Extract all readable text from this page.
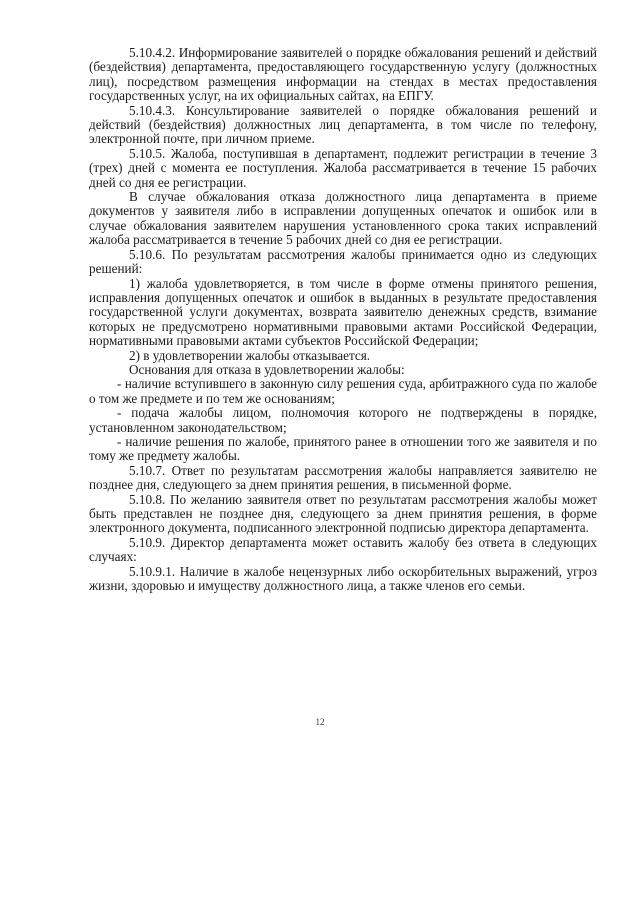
5.10.4.2. Информирование заявителей о порядке обжалования решений и действий (бездействия) департамента, предоставляющего государственную услугу (должностных лиц), посредством размещения информации на стендах в местах предоставления государственных услуг, на их официальных сайтах, на ЕПГУ.

5.10.4.3. Консультирование заявителей о порядке обжалования решений и действий (бездействия) должностных лиц департамента, в том числе по телефону, электронной почте, при личном приеме.

5.10.5. Жалоба, поступившая в департамент, подлежит регистрации в течение 3 (трех) дней с момента ее поступления. Жалоба рассматривается в течение 15 рабочих дней со дня ее регистрации.

В случае обжалования отказа должностного лица департамента в приеме документов у заявителя либо в исправлении допущенных опечаток и ошибок или в случае обжалования заявителем нарушения установленного срока таких исправлений жалоба рассматривается в течение 5 рабочих дней со дня ее регистрации.

5.10.6. По результатам рассмотрения жалобы принимается одно из следующих решений:

1) жалоба удовлетворяется, в том числе в форме отмены принятого решения, исправления допущенных опечаток и ошибок в выданных в результате предоставления государственной услуги документах, возврата заявителю денежных средств, взимание которых не предусмотрено нормативными правовыми актами Российской Федерации, нормативными правовыми актами субъектов Российской Федерации;

2) в удовлетворении жалобы отказывается.

Основания для отказа в удовлетворении жалобы:

- наличие вступившего в законную силу решения суда, арбитражного суда по жалобе о том же предмете и по тем же основаниям;

- подача жалобы лицом, полномочия которого не подтверждены в порядке, установленном законодательством;

- наличие решения по жалобе, принятого ранее в отношении того же заявителя и по тому же предмету жалобы.

5.10.7. Ответ по результатам рассмотрения жалобы направляется заявителю не позднее дня, следующего за днем принятия решения, в письменной форме.

5.10.8. По желанию заявителя ответ по результатам рассмотрения жалобы может быть представлен не позднее дня, следующего за днем принятия решения, в форме электронного документа, подписанного электронной подписью директора департамента.

5.10.9. Директор департамента может оставить жалобу без ответа в следующих случаях:

5.10.9.1. Наличие в жалобе нецензурных либо оскорбительных выражений, угроз жизни, здоровью и имуществу должностного лица, а также членов его семьи.

12
